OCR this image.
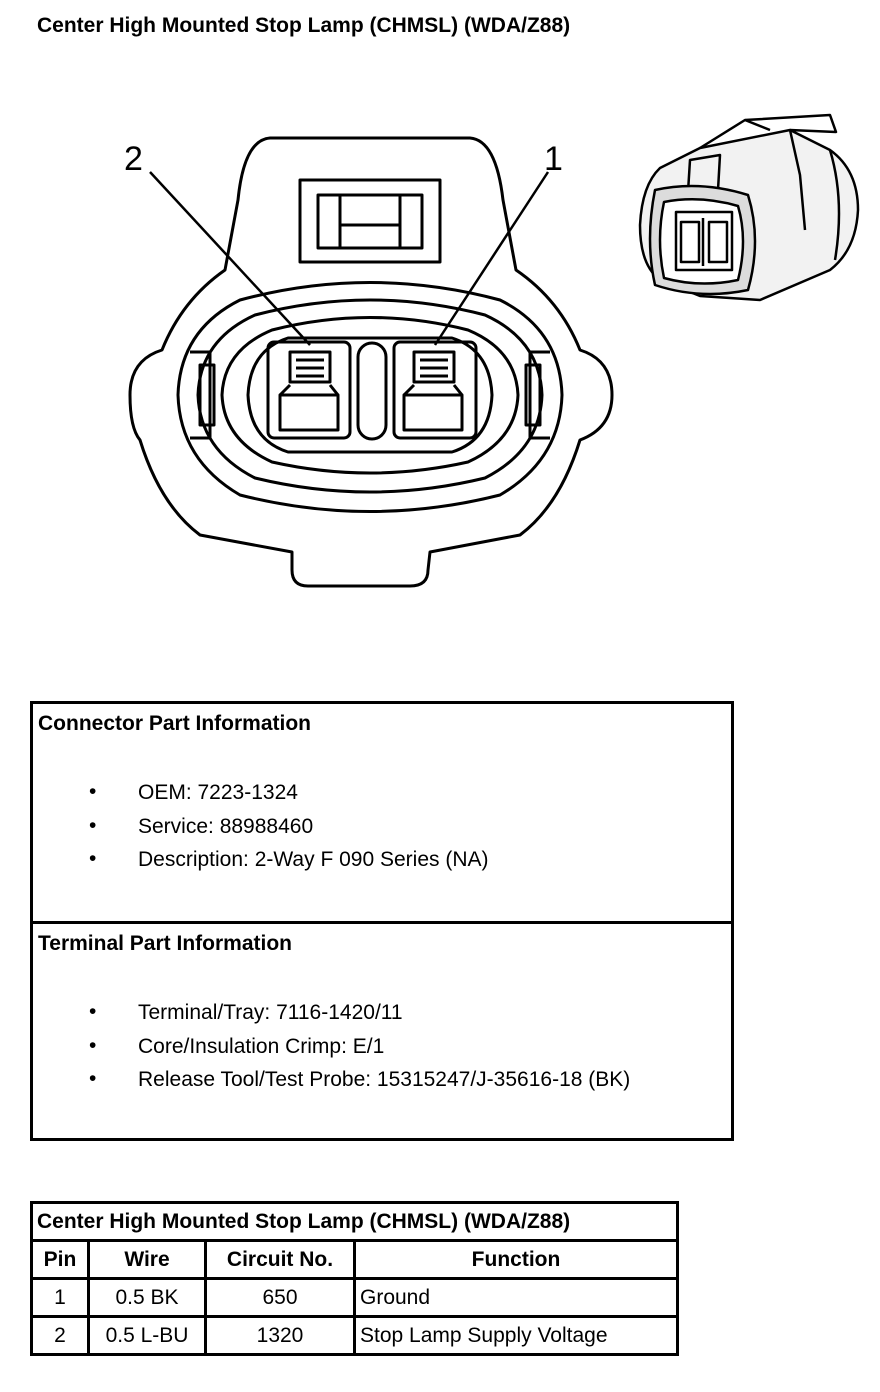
Center High Mounted Stop Lamp (CHMSL) (WDA/Z88)
2	1
Connector Part Information
• OEM: 7223-1324
• Service: 88988460
• Description: 2-Way F 090 Series (NA)
Terminal Part Information
• Terminal/Tray: 7116-1420/11
• Core/Insulation Crimp: E/1
• Release Tool/Test Probe: 15315247/J-35616-18 (BK)
Center High Mounted Stop Lamp (CHMSL) (WDA/Z88)			
Pin	Wire	Circuit No.	Function
1	0.5 BK	650	Ground
2	0.5 L-BU	1320	Stop Lamp Supply Voltage
